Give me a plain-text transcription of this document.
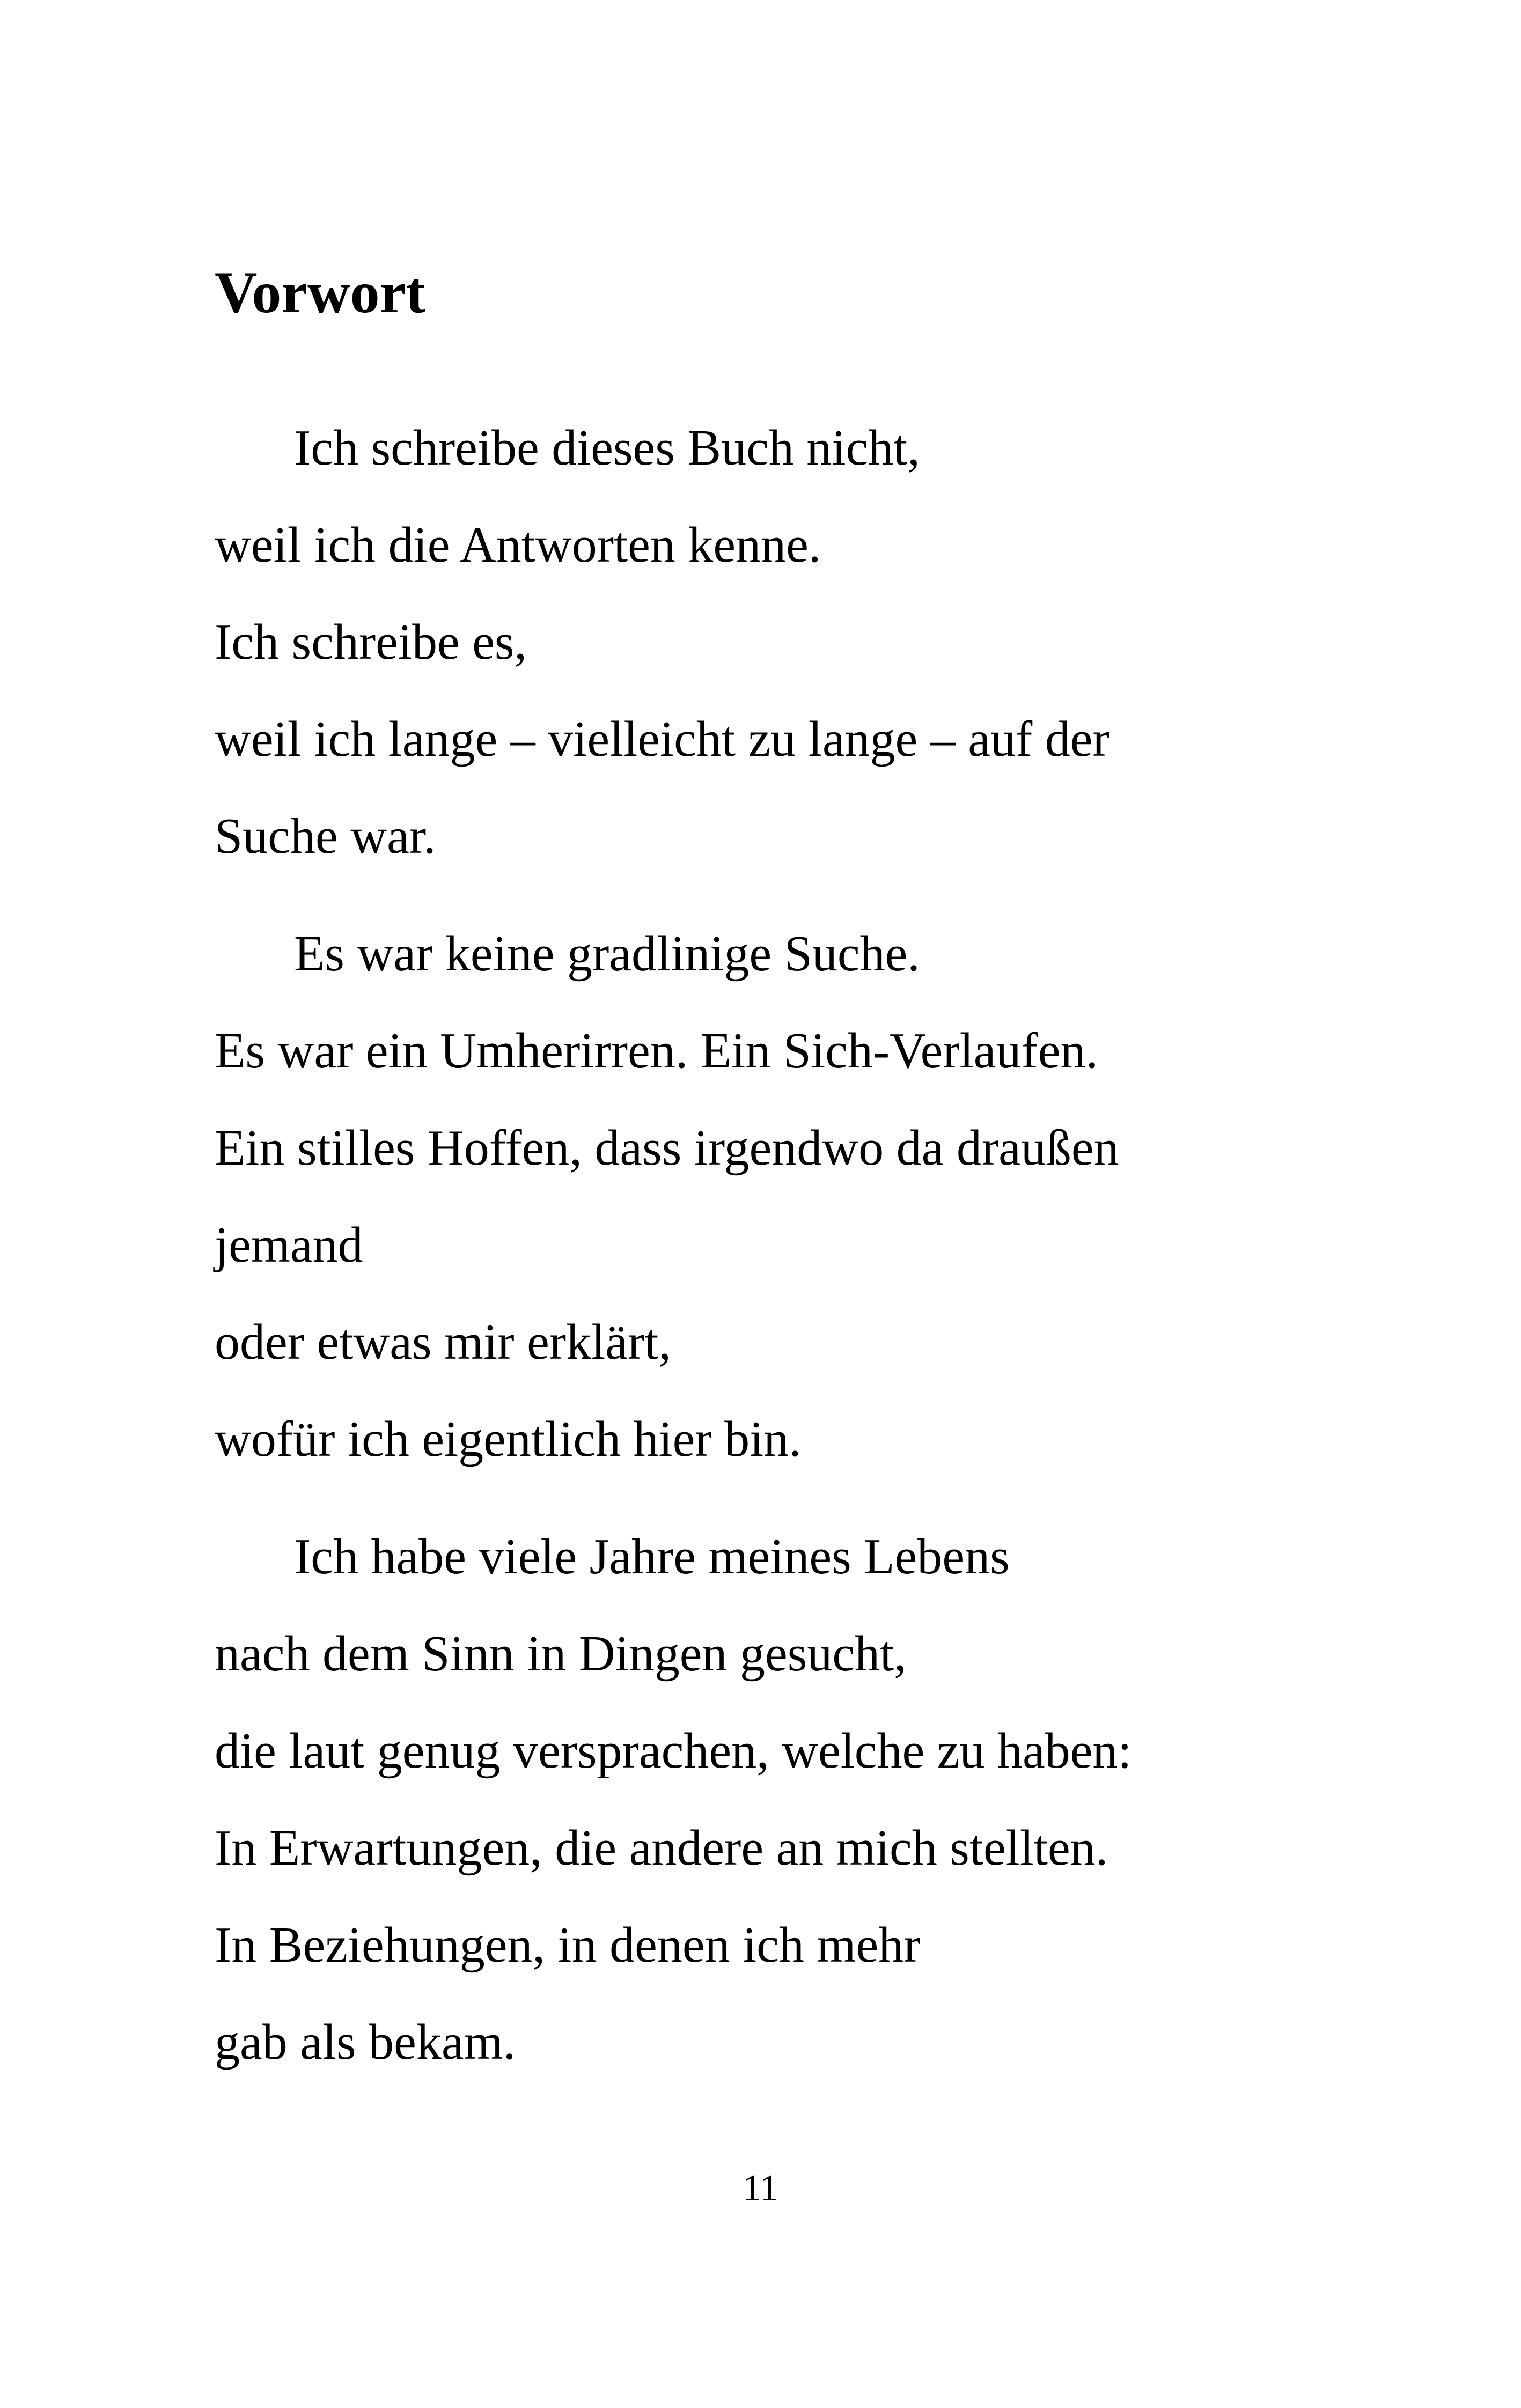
Vorwort

Ich schreibe dieses Buch nicht,
weil ich die Antworten kenne.
Ich schreibe es,
weil ich lange – vielleicht zu lange – auf der
Suche war.

Es war keine gradlinige Suche.
Es war ein Umherirren. Ein Sich-Verlaufen.
Ein stilles Hoffen, dass irgendwo da draußen
jemand
oder etwas mir erklärt,
wofür ich eigentlich hier bin.

Ich habe viele Jahre meines Lebens
nach dem Sinn in Dingen gesucht,
die laut genug versprachen, welche zu haben:
In Erwartungen, die andere an mich stellten.
In Beziehungen, in denen ich mehr
gab als bekam.

11
